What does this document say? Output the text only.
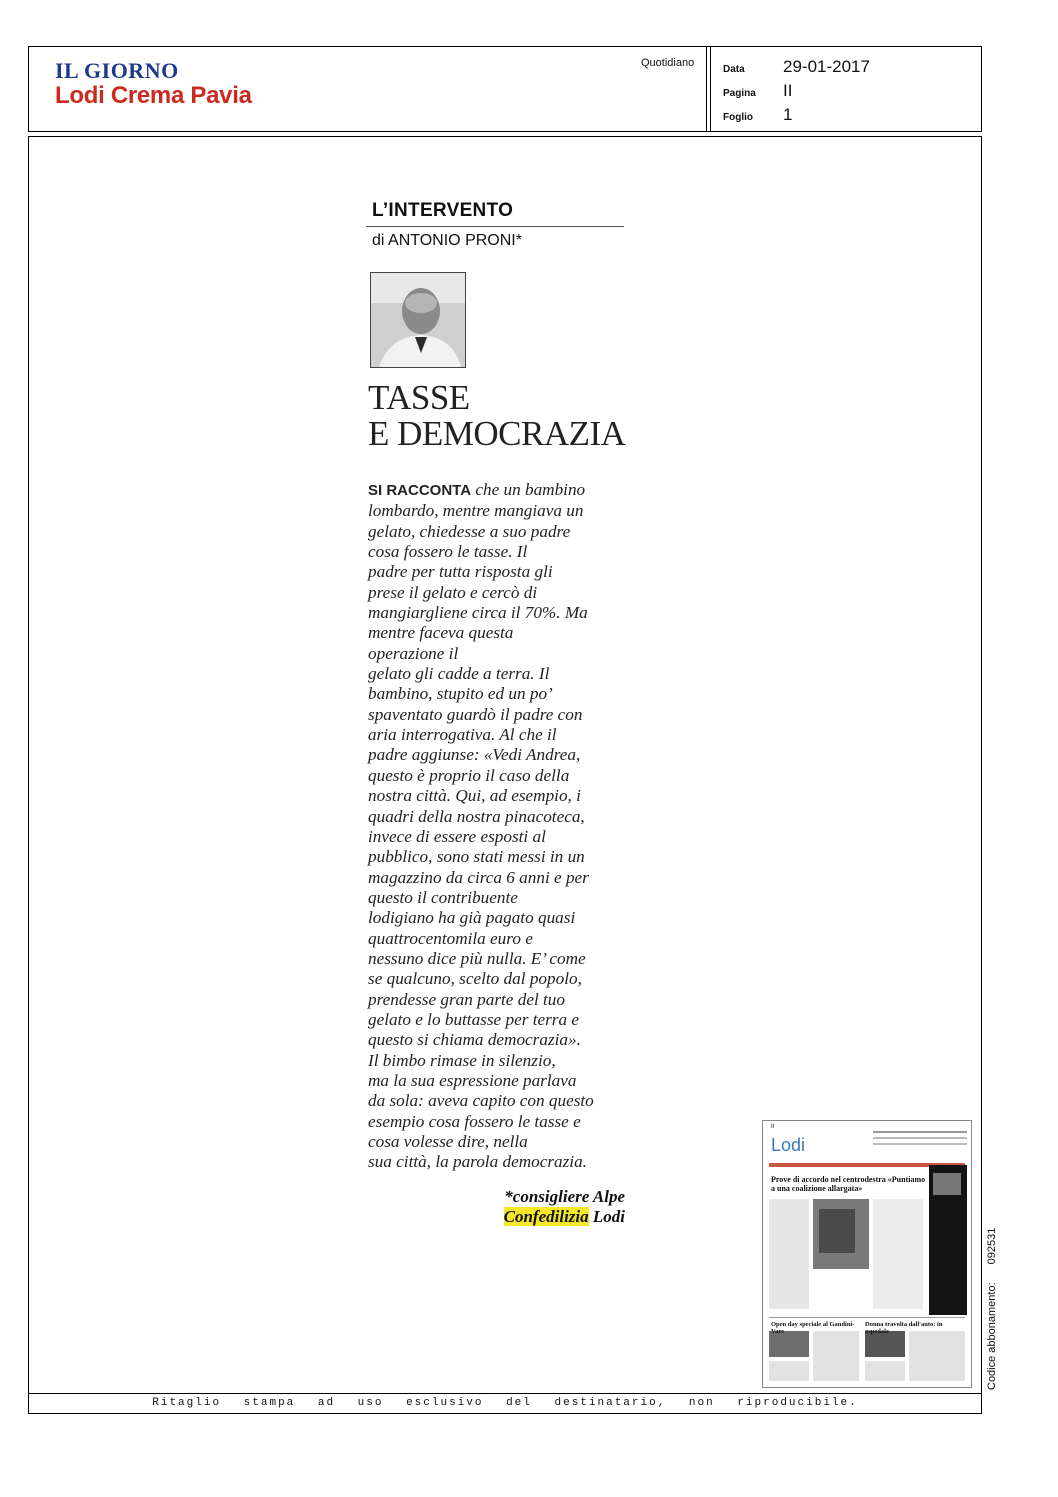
IL GIORNO
Lodi Crema Pavia
Quotidiano
Data	29-01-2017
Pagina	II
Foglio	1
L’INTERVENTO
di ANTONIO PRONI*
TASSE
E DEMOCRAZIA
SI RACCONTA che un bambino
lombardo, mentre mangiava un
gelato, chiedesse a suo padre
cosa fossero le tasse. Il
padre per tutta risposta gli
prese il gelato e cercò di
mangiargliene circa il 70%. Ma
mentre faceva questa
operazione il
gelato gli cadde a terra. Il
bambino, stupito ed un po’
spaventato guardò il padre con
aria interrogativa. Al che il
padre aggiunse: «Vedi Andrea,
questo è proprio il caso della
nostra città. Qui, ad esempio, i
quadri della nostra pinacoteca,
invece di essere esposti al
pubblico, sono stati messi in un
magazzino da circa 6 anni e per
questo il contribuente
lodigiano ha già pagato quasi
quattrocentomila euro e
nessuno dice più nulla. E’ come
se qualcuno, scelto dal popolo,
prendesse gran parte del tuo
gelato e lo buttasse per terra e
questo si chiama democrazia».
Il bimbo rimase in silenzio,
ma la sua espressione parlava
da sola: aveva capito con questo
esempio cosa fossero le tasse e
cosa volesse dire, nella
sua città, la parola democrazia.
*consigliere Alpe
Confedilizia Lodi
II
Lodi
Prove di accordo nel centrodestra «Puntiamo a una coalizione allargata»
Open day speciale al Gandini-Vare
Donna travolta dall'auto: in ospedale	Codice abbonamento:092531
Ritaglio stampa ad uso esclusivo del destinatario, non riproducibile.
